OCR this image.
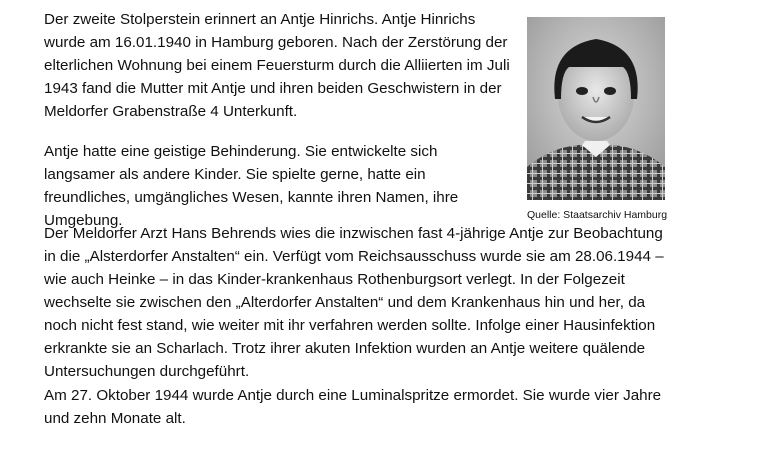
Der zweite Stolperstein erinnert an Antje Hinrichs. Antje Hinrichs
wurde am 16.01.1940 in Hamburg geboren. Nach der Zerstörung der
elterlichen Wohnung bei einem Feuersturm durch die Alliierten im Juli
1943 fand die Mutter mit Antje und ihren beiden Geschwistern in der
Meldorfer Grabenstraße 4 Unterkunft.
Antje hatte eine geistige Behinderung. Sie entwickelte sich
langsamer als andere Kinder. Sie spielte gerne, hatte ein
freundliches, umgängliches Wesen, kannte ihren Namen, ihre
Umgebung.
Der Meldorfer Arzt Hans Behrends wies die inzwischen fast 4-jährige Antje zur Beobachtung
in die „Alsterdorfer Anstalten“ ein. Verfügt vom Reichsausschuss wurde sie am 28.06.1944 –
wie auch Heinke – in das Kinder-krankenhaus Rothenburgsort verlegt. In der Folgezeit
wechselte sie zwischen den „Alterdorfer Anstalten“ und dem Krankenhaus hin und her, da
noch nicht fest stand, wie weiter mit ihr verfahren werden sollte. Infolge einer Hausinfektion
erkrankte sie an Scharlach. Trotz ihrer akuten Infektion wurden an Antje weitere quälende
Untersuchungen durchgeführt.
Am 27. Oktober 1944 wurde Antje durch eine Luminalspritze ermordet. Sie wurde vier Jahre
und zehn Monate alt.
Quelle: Staatsarchiv Hamburg
